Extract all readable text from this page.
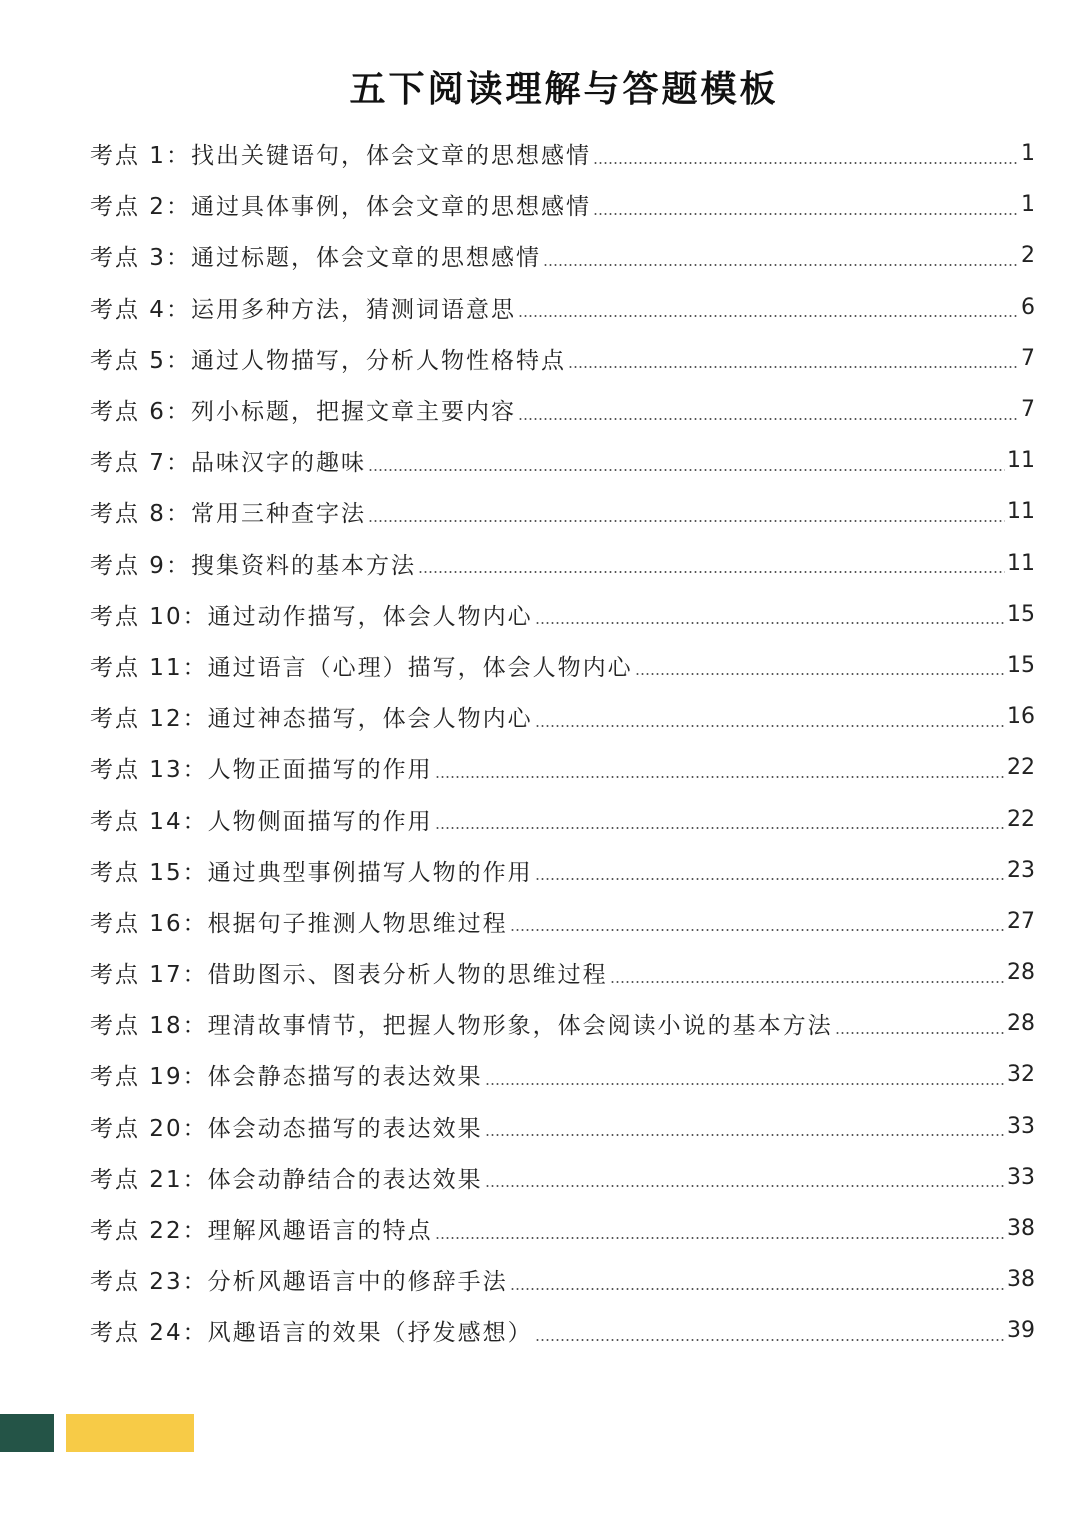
五下阅读理解与答题模板
考点 1：找出关键语句，体会文章的思想感情	1
考点 2：通过具体事例，体会文章的思想感情	1
考点 3：通过标题，体会文章的思想感情	2
考点 4：运用多种方法，猜测词语意思	6
考点 5：通过人物描写，分析人物性格特点	7
考点 6：列小标题，把握文章主要内容	7
考点 7：品味汉字的趣味	11
考点 8：常用三种查字法	11
考点 9：搜集资料的基本方法	11
考点 10：通过动作描写，体会人物内心	15
考点 11：通过语言（心理）描写，体会人物内心	15
考点 12：通过神态描写，体会人物内心	16
考点 13：人物正面描写的作用	22
考点 14：人物侧面描写的作用	22
考点 15：通过典型事例描写人物的作用	23
考点 16：根据句子推测人物思维过程	27
考点 17：借助图示、图表分析人物的思维过程	28
考点 18：理清故事情节，把握人物形象，体会阅读小说的基本方法	28
考点 19：体会静态描写的表达效果	32
考点 20：体会动态描写的表达效果	33
考点 21：体会动静结合的表达效果	33
考点 22：理解风趣语言的特点	38
考点 23：分析风趣语言中的修辞手法	38
考点 24：风趣语言的效果（抒发感想）	39
